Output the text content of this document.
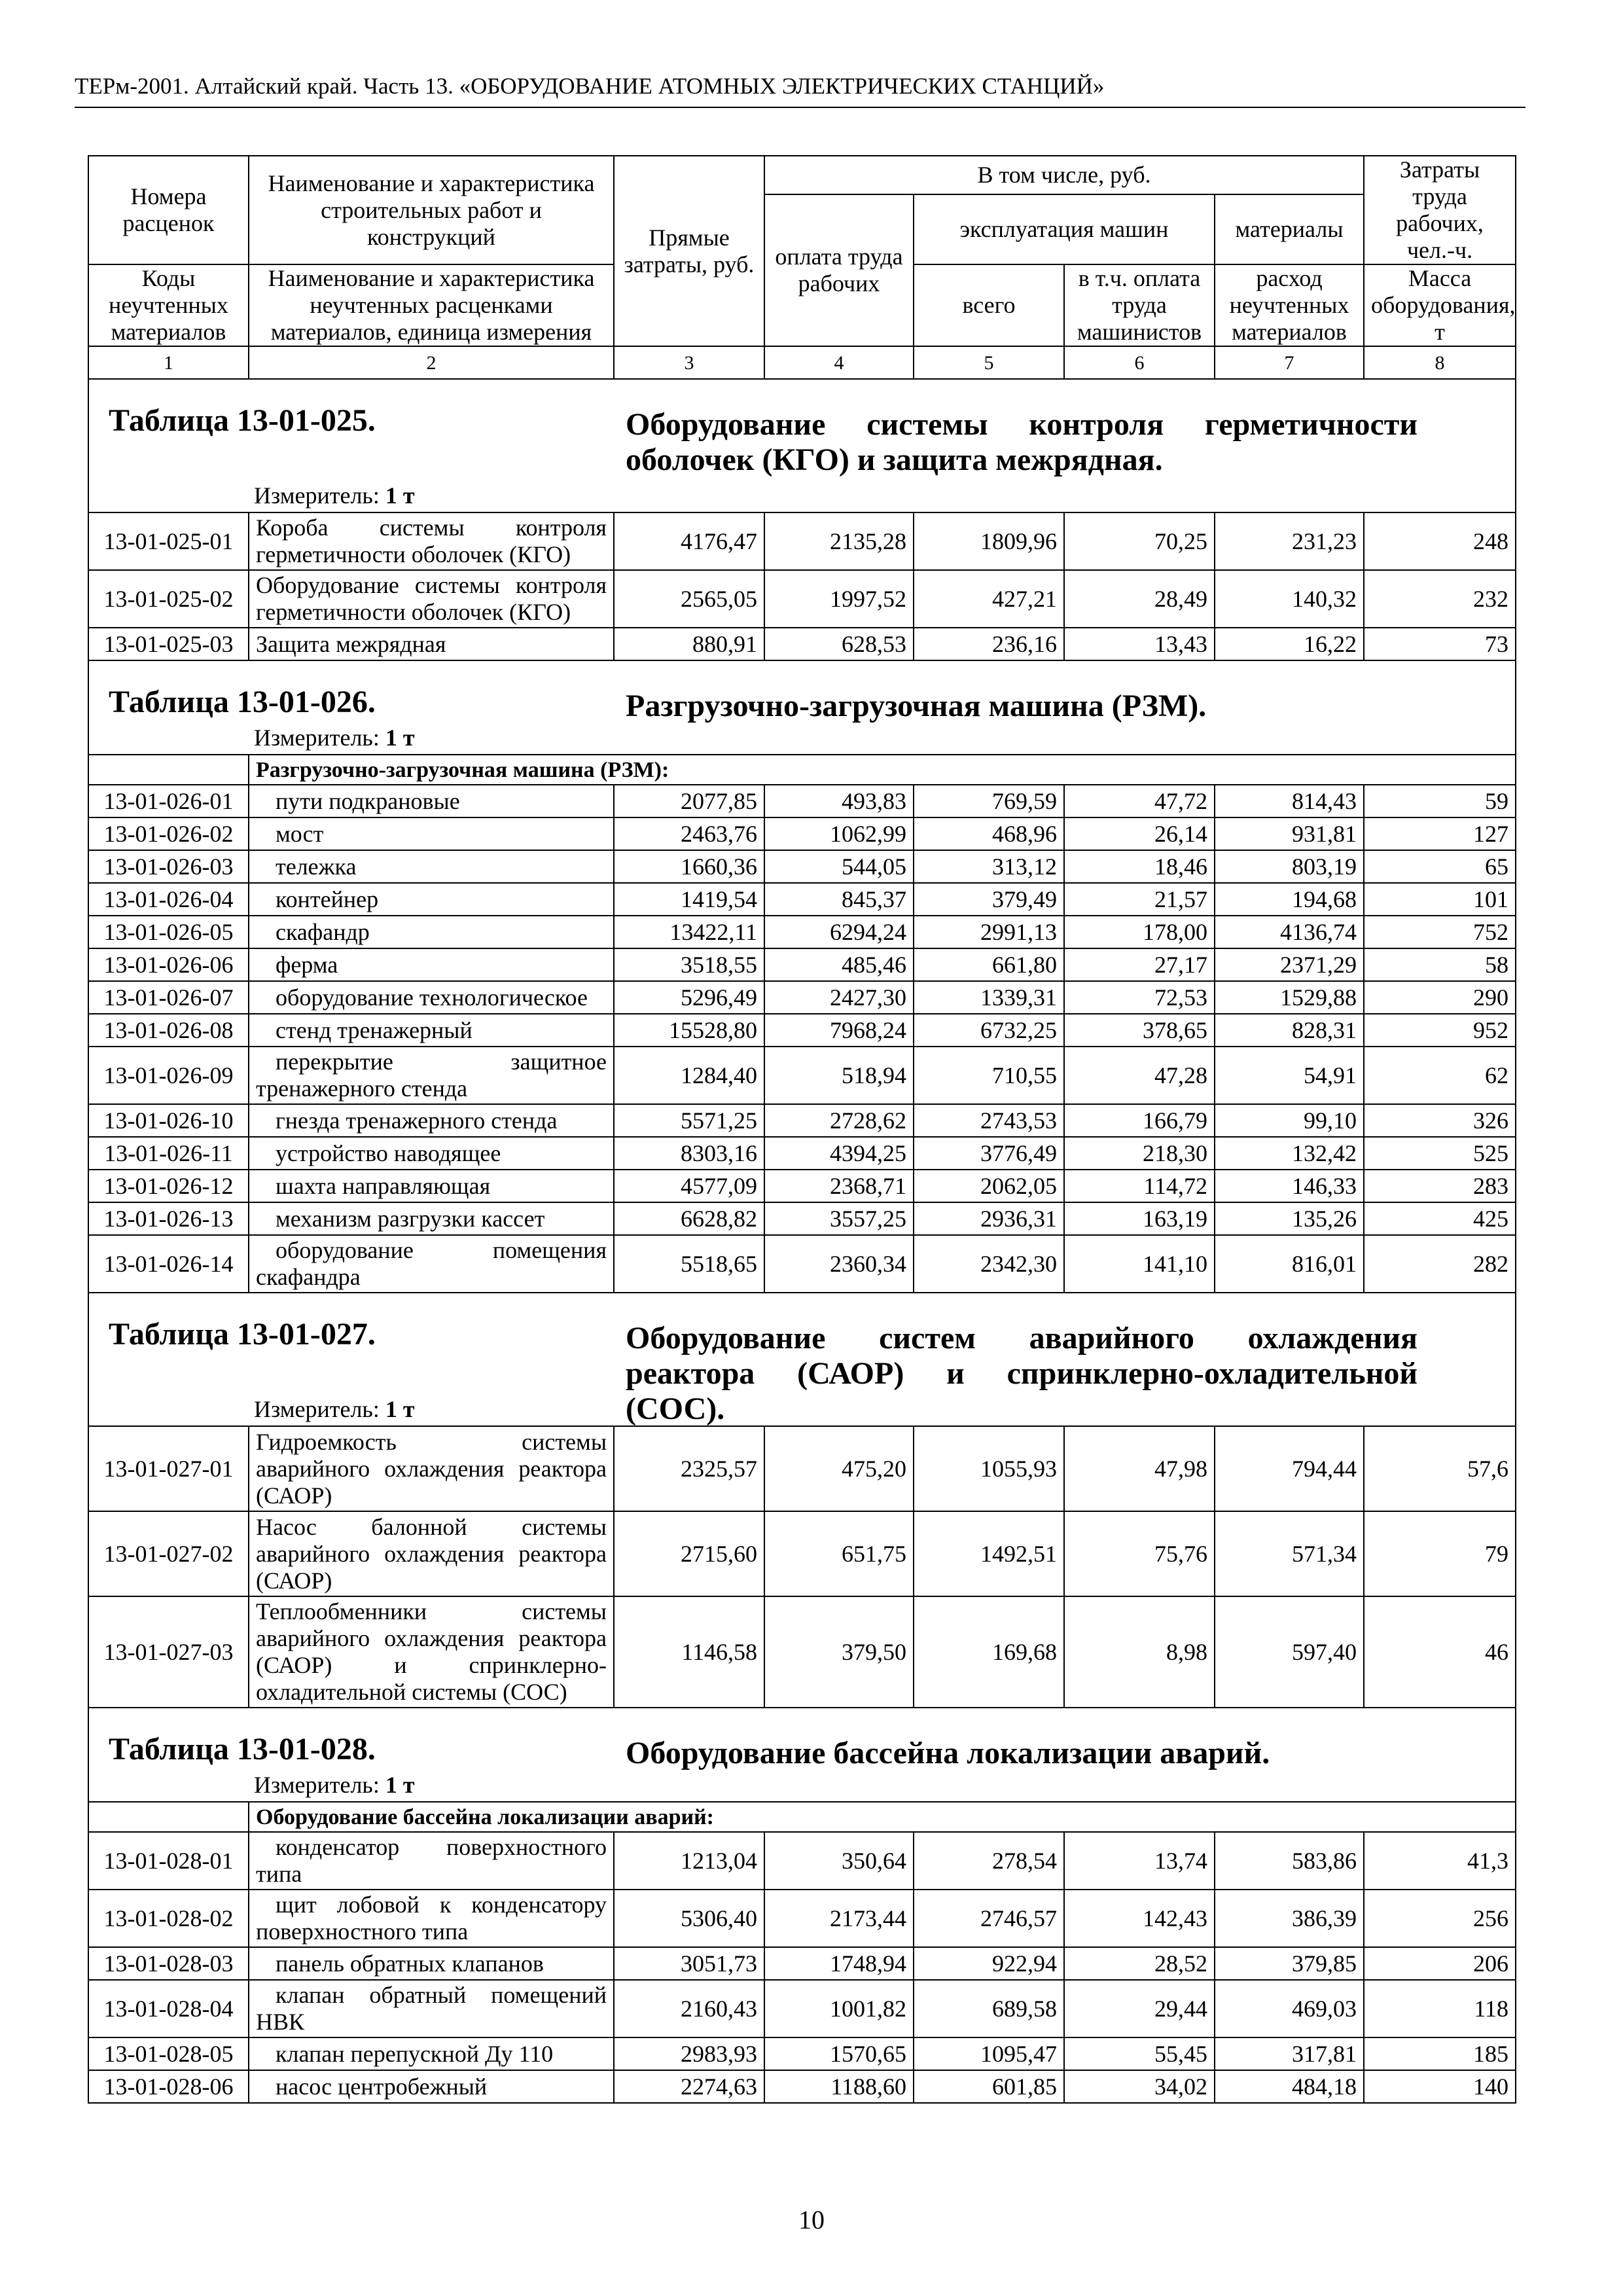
ТЕРм-2001. Алтайский край. Часть 13. «ОБОРУДОВАНИЕ АТОМНЫХ ЭЛЕКТРИЧЕСКИХ СТАНЦИЙ»
Номера расценок	Наименование и характеристика строительных работ и конструкций	Прямые затраты, руб.	В том числе, руб.				Затраты труда рабочих, чел.-ч.
			оплата труда рабочих	эксплуатация машин		материалы	
Коды неучтенных материалов	Наименование и характеристика неучтенных расценками материалов, единица измерения			всего	в т.ч. оплата труда машинистов	расход неучтенных материалов	Масса оборудования, т
1	2	3	4	5	6	7	8

Таблица 13-01-025. Оборудование системы контроля герметичности оболочек (КГО) и защита межрядная.							

Измеритель: 1 т							

13-01-025-01	Короба системы контроля герметичности оболочек (КГО)	4176,47	2135,28	1809,96	70,25	231,23	248
13-01-025-02	Оборудование системы контроля герметичности оболочек (КГО)	2565,05	1997,52	427,21	28,49	140,32	232
13-01-025-03	Защита межрядная	880,91	628,53	236,16	13,43	16,22	73

Таблица 13-01-026. Разгрузочно-загрузочная машина (РЗМ).							

Измеритель: 1 т							

	Разгрузочно-загрузочная машина (РЗМ):						
13-01-026-01	пути подкрановые	2077,85	493,83	769,59	47,72	814,43	59
13-01-026-02	мост	2463,76	1062,99	468,96	26,14	931,81	127
13-01-026-03	тележка	1660,36	544,05	313,12	18,46	803,19	65
13-01-026-04	контейнер	1419,54	845,37	379,49	21,57	194,68	101
13-01-026-05	скафандр	13422,11	6294,24	2991,13	178,00	4136,74	752
13-01-026-06	ферма	3518,55	485,46	661,80	27,17	2371,29	58
13-01-026-07	оборудование технологическое	5296,49	2427,30	1339,31	72,53	1529,88	290
13-01-026-08	стенд тренажерный	15528,80	7968,24	6732,25	378,65	828,31	952
13-01-026-09	перекрытие защитное тренажерного стенда	1284,40	518,94	710,55	47,28	54,91	62
13-01-026-10	гнезда тренажерного стенда	5571,25	2728,62	2743,53	166,79	99,10	326
13-01-026-11	устройство наводящее	8303,16	4394,25	3776,49	218,30	132,42	525
13-01-026-12	шахта направляющая	4577,09	2368,71	2062,05	114,72	146,33	283
13-01-026-13	механизм разгрузки кассет	6628,82	3557,25	2936,31	163,19	135,26	425
13-01-026-14	оборудование помещения скафандра	5518,65	2360,34	2342,30	141,10	816,01	282

Таблица 13-01-027. Оборудование систем аварийного охлаждения реактора (САОР) и спринклерно-охладительной (СОС).							

Измеритель: 1 т							

13-01-027-01	Гидроемкость системы аварийного охлаждения реактора (САОР)	2325,57	475,20	1055,93	47,98	794,44	57,6
13-01-027-02	Насос балонной системы аварийного охлаждения реактора (САОР)	2715,60	651,75	1492,51	75,76	571,34	79
13-01-027-03	Теплообменники системы аварийного охлаждения реактора (САОР) и спринклерно-охладительной системы (СОС)	1146,58	379,50	169,68	8,98	597,40	46

Таблица 13-01-028. Оборудование бассейна локализации аварий.							

Измеритель: 1 т							

	Оборудование бассейна локализации аварий:						
13-01-028-01	конденсатор поверхностного типа	1213,04	350,64	278,54	13,74	583,86	41,3
13-01-028-02	щит лобовой к конденсатору поверхностного типа	5306,40	2173,44	2746,57	142,43	386,39	256
13-01-028-03	панель обратных клапанов	3051,73	1748,94	922,94	28,52	379,85	206
13-01-028-04	клапан обратный помещений НВК	2160,43	1001,82	689,58	29,44	469,03	118
13-01-028-05	клапан перепускной Ду 110	2983,93	1570,65	1095,47	55,45	317,81	185
13-01-028-06	насос центробежный	2274,63	1188,60	601,85	34,02	484,18	140
10
